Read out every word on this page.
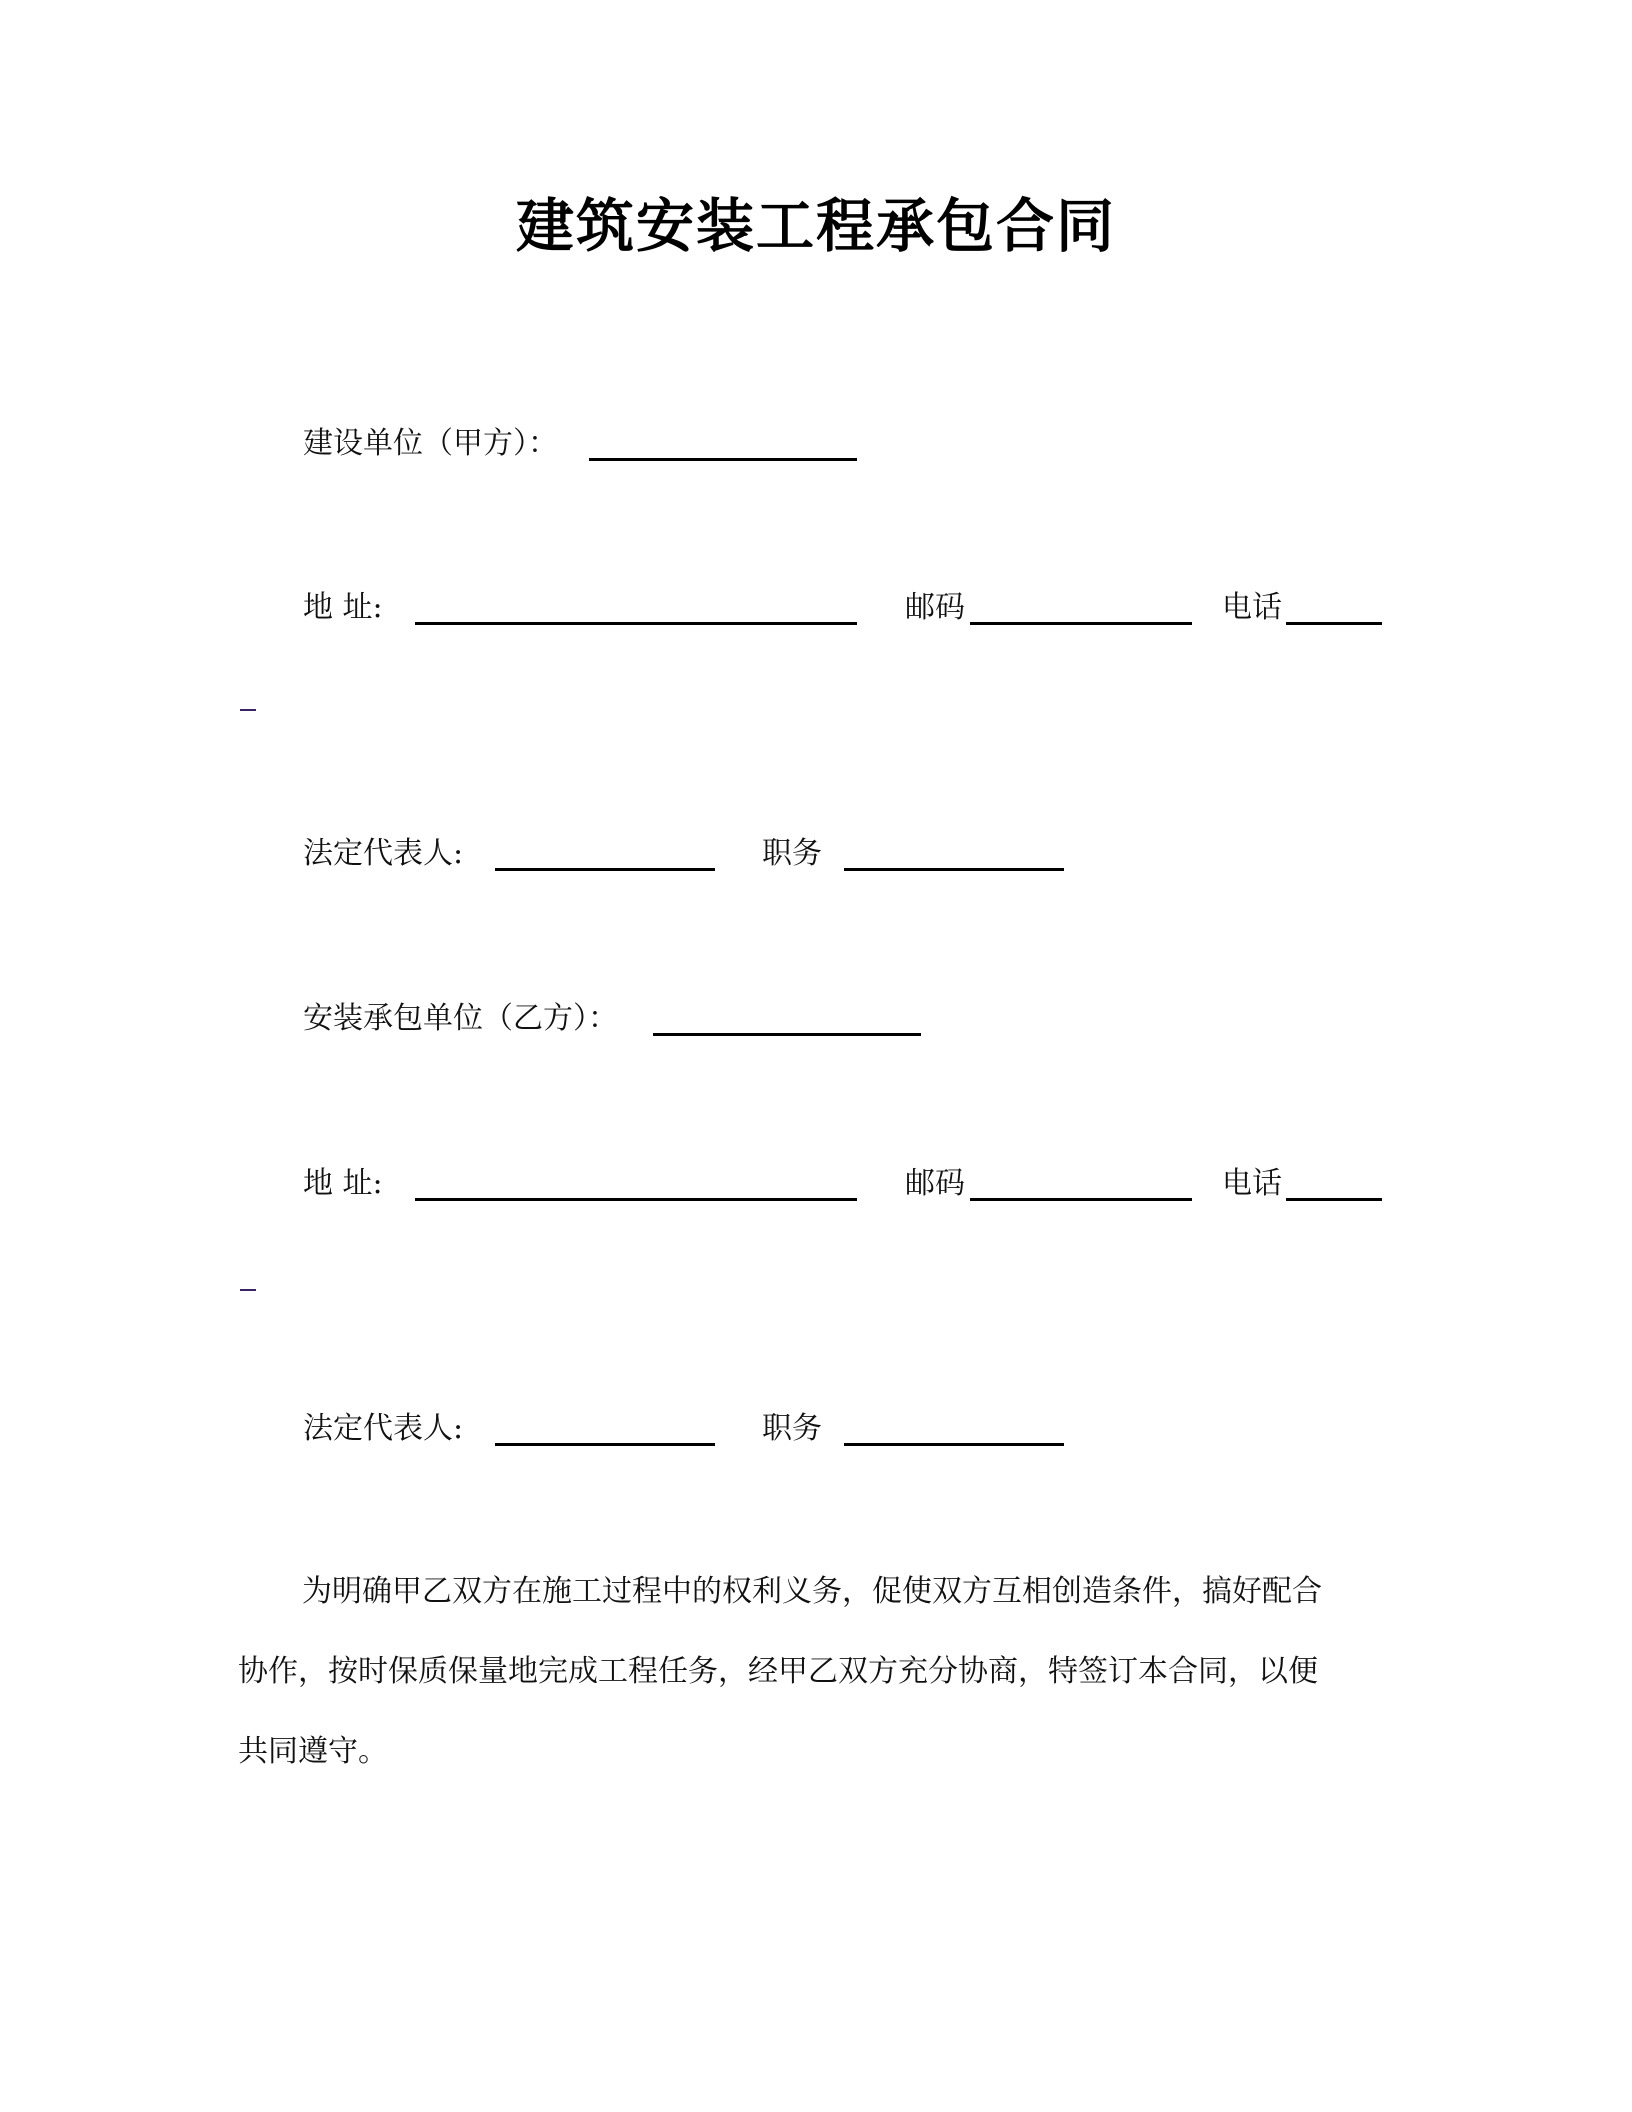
建筑安装工程承包合同
建设单位（甲方）：
地 址:	邮码	电话
法定代表人:	职务
安装承包单位（乙方）：
地 址:	邮码	电话
法定代表人:	职务
为明确甲乙双方在施工过程中的权利义务，促使双方互相创造条件，搞好配合
协作，按时保质保量地完成工程任务，经甲乙双方充分协商，特签订本合同，以便
共同遵守。
